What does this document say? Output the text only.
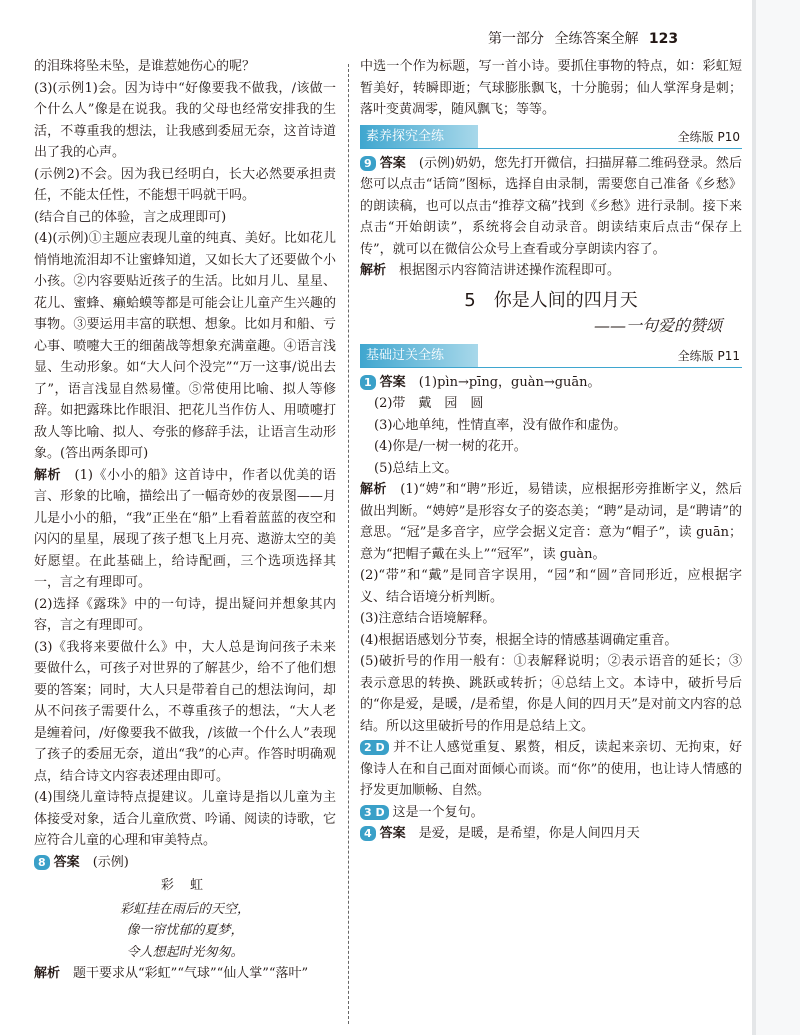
第一部分 全练答案全解 123

的泪珠将坠未坠，是谁惹她伤心的呢？

(3)(示例1)会。因为诗中“好像要我不做我，/该做一个什么人”像是在说我。我的父母也经常安排我的生活，不尊重我的想法，让我感到委屈无奈，这首诗道出了我的心声。

(示例2)不会。因为我已经明白，长大必然要承担责任，不能太任性，不能想干吗就干吗。

(结合自己的体验，言之成理即可)

(4)(示例)①主题应表现儿童的纯真、美好。比如花儿悄悄地流泪却不让蜜蜂知道，又如长大了还要做个小小孩。②内容要贴近孩子的生活。比如月儿、星星、花儿、蜜蜂、癞蛤蟆等都是可能会让儿童产生兴趣的事物。③要运用丰富的联想、想象。比如月和船、亏心事、喷嚏大王的细菌战等想象充满童趣。④语言浅显、生动形象。如“大人问个没完”“万一这事/说出去了”，语言浅显自然易懂。⑤常使用比喻、拟人等修辞。如把露珠比作眼泪、把花儿当作仿人、用喷嚏打敌人等比喻、拟人、夸张的修辞手法，让语言生动形象。(答出两条即可)

解析　 (1)《小小的船》这首诗中，作者以优美的语言、形象的比喻，描绘出了一幅奇妙的夜景图——月儿是小小的船，“我”正坐在“船”上看着蓝蓝的夜空和闪闪的星星，展现了孩子想飞上月亮、遨游太空的美好愿望。在此基础上，给诗配画，三个选项选择其一，言之有理即可。

(2)选择《露珠》中的一句诗，提出疑问并想象其内容，言之有理即可。

(3)《我将来要做什么》中，大人总是询问孩子未来要做什么，可孩子对世界的了解甚少，给不了他们想要的答案；同时，大人只是带着自己的想法询问，却从不问孩子需要什么，不尊重孩子的想法，“大人老是缠着问，/好像要我不做我，/该做一个什么人”表现了孩子的委屈无奈，道出“我”的心声。作答时明确观点，结合诗文内容表述理由即可。

(4)围绕儿童诗特点提建议。儿童诗是指以儿童为主体接受对象，适合儿童欣赏、吟诵、阅读的诗歌，它应符合儿童的心理和审美特点。

8 答案　 (示例)

彩 虹

彩虹挂在雨后的天空，

像一帘忧郁的夏梦，

令人想起时光匆匆。

解析　 题干要求从“彩虹”“气球”“仙人掌”“落叶”

中选一个作为标题，写一首小诗。要抓住事物的特点，如：彩虹短暂美好，转瞬即逝；气球膨胀飘飞，十分脆弱；仙人掌浑身是刺；落叶变黄凋零，随风飘飞；等等。

素养探究全练	全练版 P10

9 答案　 (示例)奶奶，您先打开微信，扫描屏幕二维码登录。然后您可以点击“话筒”图标，选择自由录制，需要您自己准备《乡愁》的朗读稿，也可以点击“推荐文稿”找到《乡愁》进行录制。接下来点击“开始朗读”，系统将会自动录音。朗读结束后点击“保存上传”，就可以在微信公众号上查看或分享朗读内容了。

解析　 根据图示内容简洁讲述操作流程即可。

5　你是人间的四月天

——一句爱的赞颂

基础过关全练	全练版 P11

1 答案　 (1)pìn→pīng，guàn→guān。

(2)带　戴　园　圆

(3)心地单纯，性情直率，没有做作和虚伪。

(4)你是/一树一树的花开。

(5)总结上文。

解析　 (1)“娉”和“聘”形近，易错读，应根据形旁推断字义，然后做出判断。“娉婷”是形容女子的姿态美；“聘”是动词，是“聘请”的意思。“冠”是多音字，应学会据义定音：意为“帽子”，读 guān；意为“把帽子戴在头上”“冠军”，读 guàn。

(2)“带”和“戴”是同音字误用，“园”和“圆”音同形近，应根据字义、结合语境分析判断。

(3)注意结合语境解释。

(4)根据语感划分节奏，根据全诗的情感基调确定重音。

(5)破折号的作用一般有：①表解释说明；②表示语音的延长；③表示意思的转换、跳跃或转折；④总结上文。本诗中，破折号后的“你是爱，是暖，/是希望，你是人间的四月天”是对前文内容的总结。所以这里破折号的作用是总结上文。

2 D 并不让人感觉重复、累赘，相反，读起来亲切、无拘束，好像诗人在和自己面对面倾心而谈。而“你”的使用，也让诗人情感的抒发更加顺畅、自然。

3 D 这是一个复句。

4 答案　 是爱，是暖，是希望，你是人间四月天
